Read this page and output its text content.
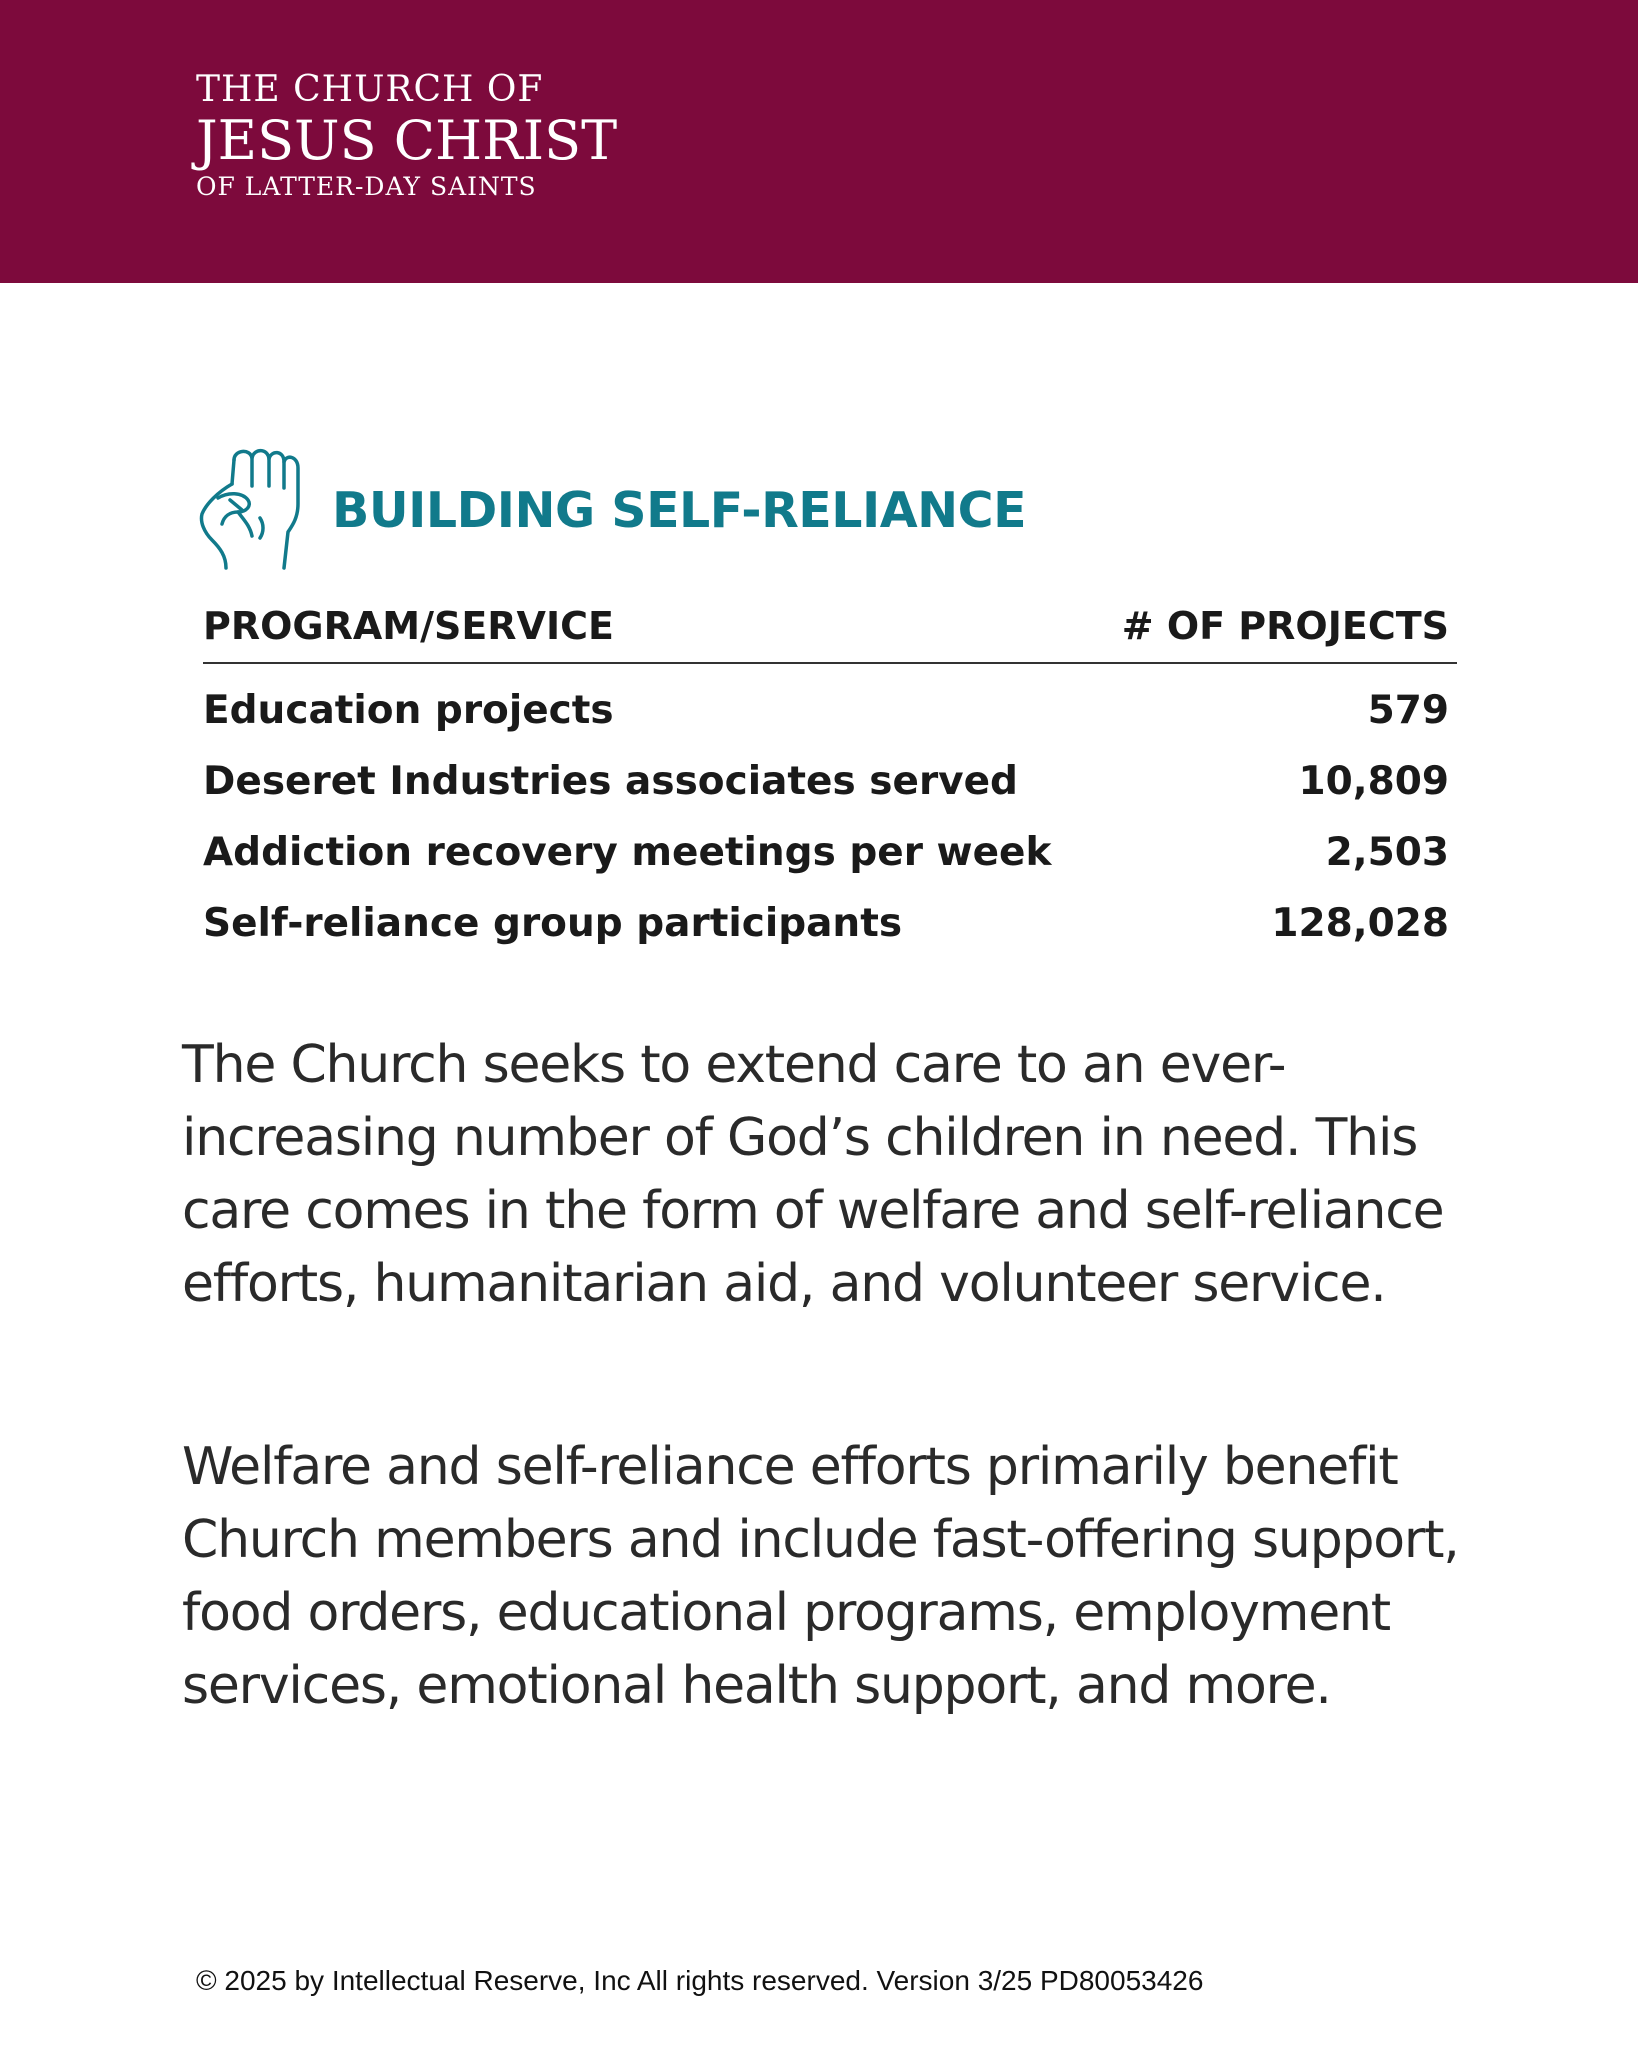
THE CHURCH OF
JESUS CHRIST
OF LATTER-DAY SAINTS
BUILDING SELF-RELIANCE
PROGRAM/SERVICE	# OF PROJECTS
Education projects	579
Deseret Industries associates served	10,809
Addiction recovery meetings per week	2,503
Self-reliance group participants	128,028

The Church seeks to extend care to an ever-increasing number of God’s children in need. This care comes in the form of welfare and self-reliance efforts, humanitarian aid, and volunteer service.

Welfare and self-reliance efforts primarily benefit Church members and include fast-offering support, food orders, educational programs, employment services, emotional health support, and more.

© 2025 by Intellectual Reserve, Inc All rights reserved. Version 3/25 PD80053426
